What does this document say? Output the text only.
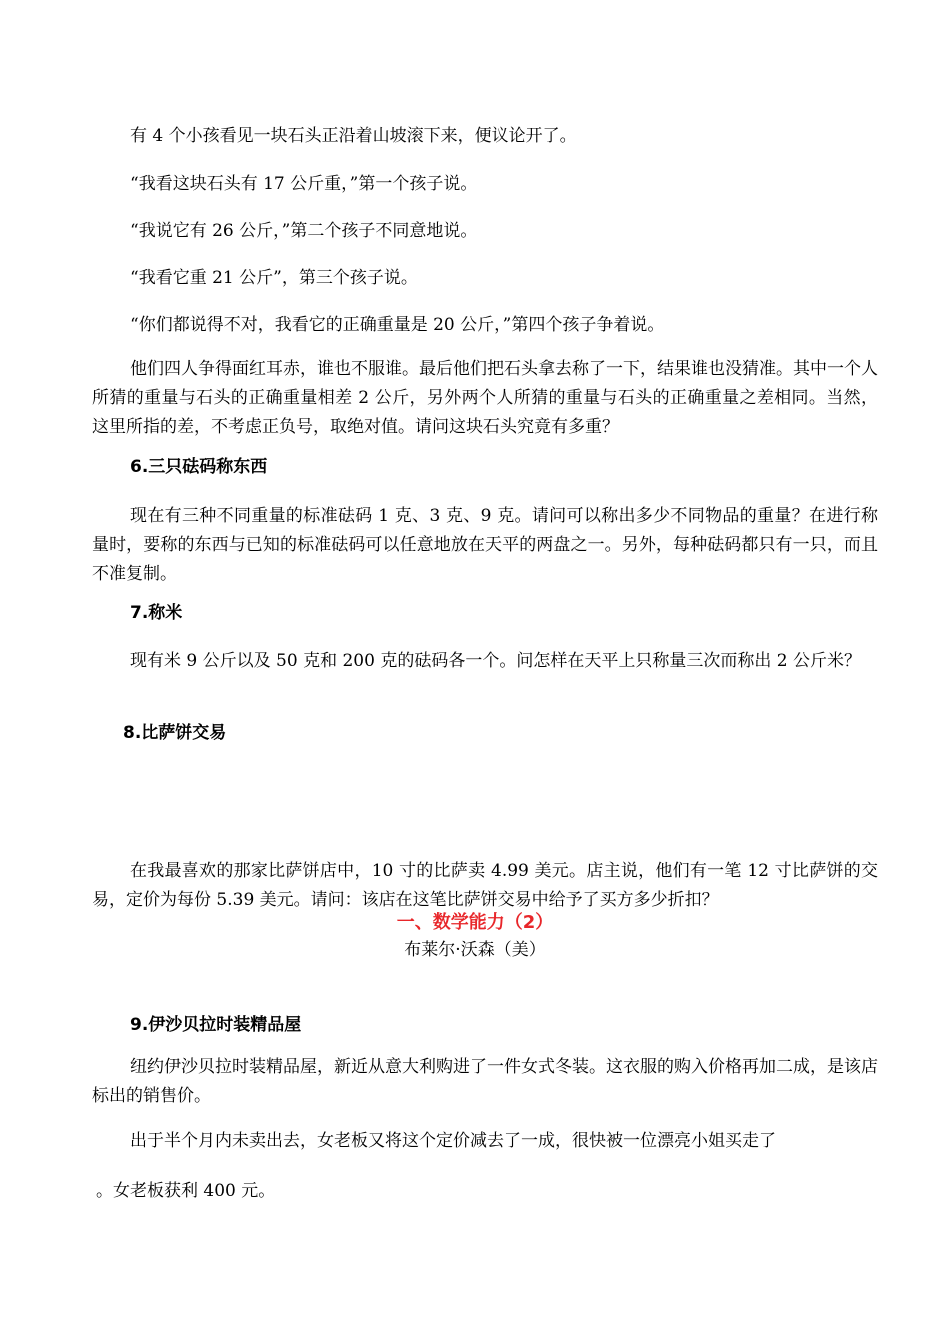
有 4 个小孩看见一块石头正沿着山坡滚下来，便议论开了。
“我看这块石头有 17 公斤重，”第一个孩子说。
“我说它有 26 公斤，”第二个孩子不同意地说。
“我看它重 21 公斤”，第三个孩子说。
“你们都说得不对，我看它的正确重量是 20 公斤，”第四个孩子争着说。

他们四人争得面红耳赤，谁也不服谁。最后他们把石头拿去称了一下，结果谁也没猜准。其中一个人所猜的重量与石头的正确重量相差 2 公斤，另外两个人所猜的重量与石头的正确重量之差相同。当然，这里所指的差，不考虑正负号，取绝对值。请问这块石头究竟有多重？

6.三只砝码称东西

现在有三种不同重量的标准砝码 1 克、3 克、9 克。请问可以称出多少不同物品的重量？在进行称量时，要称的东西与已知的标准砝码可以任意地放在天平的两盘之一。另外，每种砝码都只有一只，而且不准复制。

7.称米

现有米 9 公斤以及 50 克和 200 克的砝码各一个。问怎样在天平上只称量三次而称出 2 公斤米？

8.比萨饼交易

在我最喜欢的那家比萨饼店中，10 寸的比萨卖 4.99 美元。店主说，他们有一笔 12 寸比萨饼的交易，定价为每份 5.39 美元。请问：该店在这笔比萨饼交易中给予了买方多少折扣？

一、数学能力（2）
布莱尔·沃森（美）
9.伊沙贝拉时装精品屋

纽约伊沙贝拉时装精品屋，新近从意大利购进了一件女式冬装。这衣服的购入价格再加二成，是该店标出的销售价。

出于半个月内未卖出去，女老板又将这个定价减去了一成，很快被一位漂亮小姐买走了
。女老板获利 400 元。
